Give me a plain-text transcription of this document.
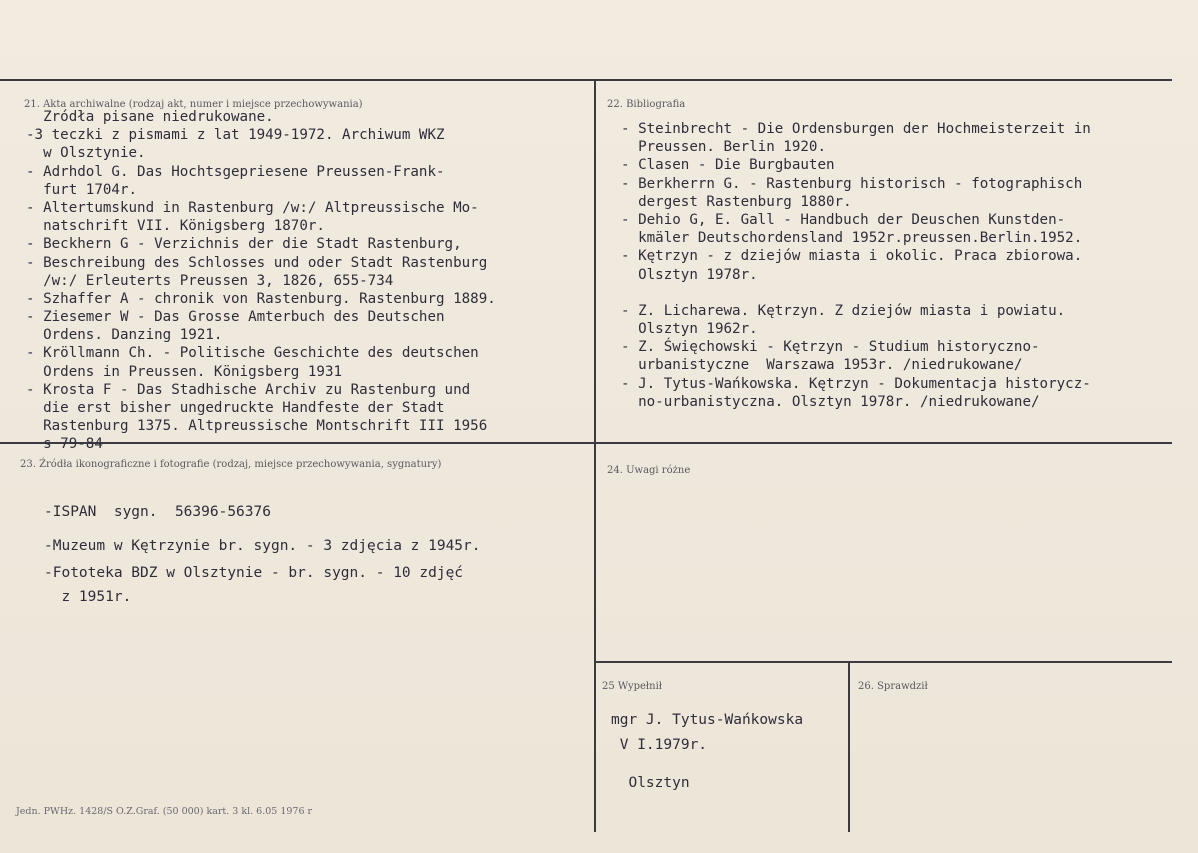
21. Akta archiwalne (rodzaj akt, numer i miejsce przechowywania)
Zródła pisane niedrukowane.
-3 teczki z pismami z lat 1949-1972. Archiwum WKZ
w Olsztynie.
- Adrhdol G. Das Hochtsgepriesene Preussen-Frank-
furt 1704r.
- Altertumskund in Rastenburg /w:/ Altpreussische Mo-
natschrift VII. Königsberg 1870r.
- Beckhern G - Verzichnis der die Stadt Rastenburg,
- Beschreibung des Schlosses und oder Stadt Rastenburg
/w:/ Erleuterts Preussen 3, 1826, 655-734
- Szhaffer A - chronik von Rastenburg. Rastenburg 1889.
- Ziesemer W - Das Grosse Amterbuch des Deutschen
Ordens. Danzing 1921.
- Kröllmann Ch. - Politische Geschichte des deutschen
Ordens in Preussen. Königsberg 1931
- Krosta F - Das Stadhische Archiv zu Rastenburg und
die erst bisher ungedruckte Handfeste der Stadt
Rastenburg 1375. Altpreussische Montschrift III 1956
s 79-84
22. Bibliografia
- Steinbrecht - Die Ordensburgen der Hochmeisterzeit in
Preussen. Berlin 1920.
- Clasen - Die Burgbauten
- Berkherrn G. - Rastenburg historisch - fotographisch
dergest Rastenburg 1880r.
- Dehio G, E. Gall - Handbuch der Deuschen Kunstden-
kmäler Deutschordensland 1952r.preussen.Berlin.1952.
- Kętrzyn - z dziejów miasta i okolic. Praca zbiorowa.
Olsztyn 1978r.
- Z. Licharewa. Kętrzyn. Z dziejów miasta i powiatu.
Olsztyn 1962r.
- Z. Święchowski - Kętrzyn - Studium historyczno-
urbanistyczne  Warszawa 1953r. /niedrukowane/
- J. Tytus-Wańkowska. Kętrzyn - Dokumentacja historycz-
no-urbanistyczna. Olsztyn 1978r. /niedrukowane/
23. Źródła ikonograficzne i fotografie (rodzaj, miejsce przechowywania, sygnatury)
-ISPAN  sygn.  56396-56376
-Muzeum w Kętrzynie br. sygn. - 3 zdjęcia z 1945r.
-Fototeka BDZ w Olsztynie - br. sygn. - 10 zdjęć
z 1951r.
24. Uwagi różne
25 Wypełnił
mgr J. Tytus-Wańkowska
V I.1979r.
Olsztyn
26. Sprawdził
Jedn. PWHz. 1428/S O.Z.Graf. (50 000) kart. 3 kl. 6.05 1976 r
